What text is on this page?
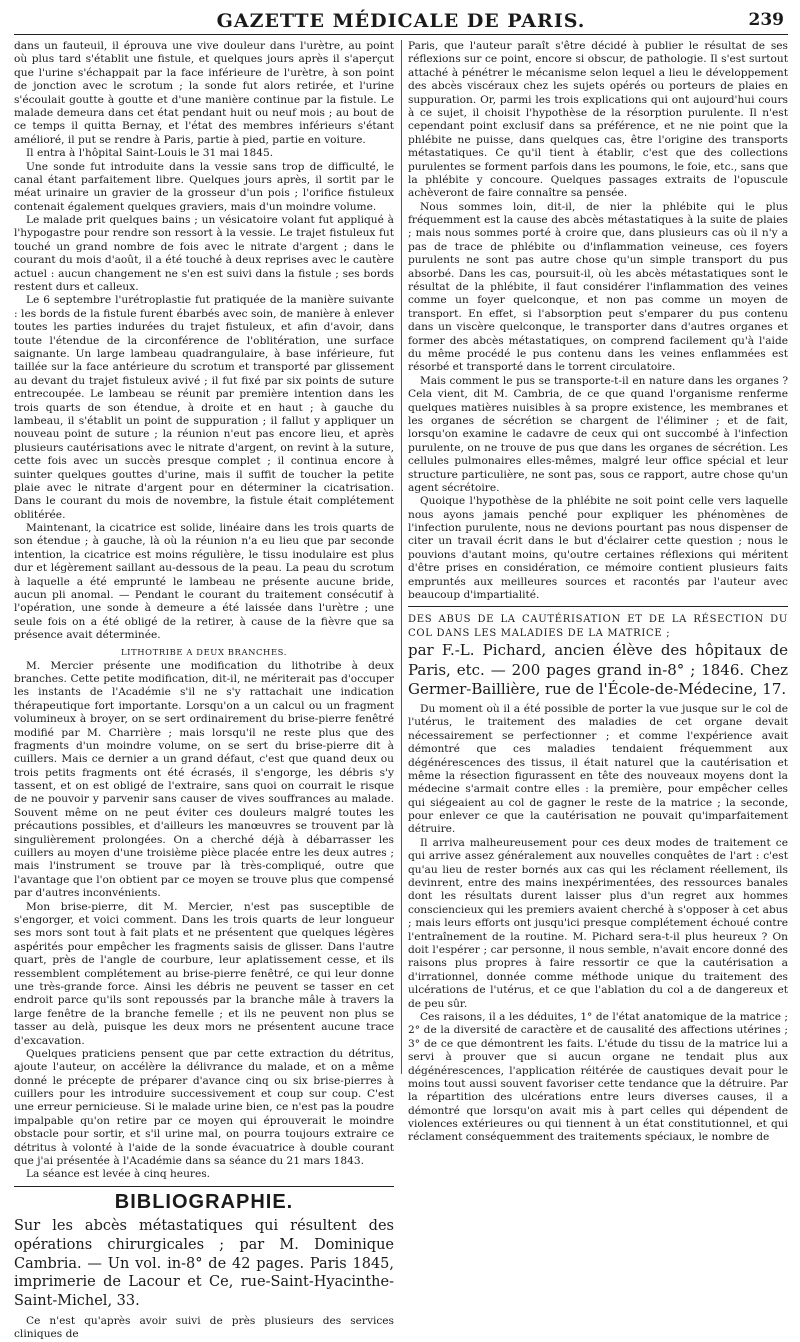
GAZETTE MÉDICALE DE PARIS.	239

dans un fauteuil, il éprouva une vive douleur dans l'urètre, au point où plus tard s'établit une fistule, et quelques jours après il s'aperçut que l'urine s'échappait par la face inférieure de l'urètre, à son point de jonction avec le scrotum ; la sonde fut alors retirée, et l'urine s'écoulait goutte à goutte et d'une manière continue par la fistule. Le malade demeura dans cet état pendant huit ou neuf mois ; au bout de ce temps il quitta Bernay, et l'état des membres inférieurs s'étant amélioré, il put se rendre à Paris, partie à pied, partie en voiture.

Il entra à l'hôpital Saint-Louis le 31 mai 1845.

Une sonde fut introduite dans la vessie sans trop de difficulté, le canal étant parfaitement libre. Quelques jours après, il sortit par le méat urinaire un gravier de la grosseur d'un pois ; l'orifice fistuleux contenait également quelques graviers, mais d'un moindre volume.

Le malade prit quelques bains ; un vésicatoire volant fut appliqué à l'hypogastre pour rendre son ressort à la vessie. Le trajet fistuleux fut touché un grand nombre de fois avec le nitrate d'argent ; dans le courant du mois d'août, il a été touché à deux reprises avec le cautère actuel : aucun changement ne s'en est suivi dans la fistule ; ses bords restent durs et calleux.

Le 6 septembre l'urétroplastie fut pratiquée de la manière suivante : les bords de la fistule furent ébarbés avec soin, de manière à enlever toutes les parties indurées du trajet fistuleux, et afin d'avoir, dans toute l'étendue de la circonférence de l'oblitération, une surface saignante. Un large lambeau quadrangulaire, à base inférieure, fut taillée sur la face antérieure du scrotum et transporté par glissement au devant du trajet fistuleux avivé ; il fut fixé par six points de suture entrecoupée. Le lambeau se réunit par première intention dans les trois quarts de son étendue, à droite et en haut ; à gauche du lambeau, il s'établit un point de suppuration ; il fallut y appliquer un nouveau point de suture ; la réunion n'eut pas encore lieu, et après plusieurs cautérisations avec le nitrate d'argent, on revint à la suture, cette fois avec un succès presque complet ; il continua encore à suinter quelques gouttes d'urine, mais il suffit de toucher la petite plaie avec le nitrate d'argent pour en déterminer la cicatrisation. Dans le courant du mois de novembre, la fistule était complétement oblitérée.

Maintenant, la cicatrice est solide, linéaire dans les trois quarts de son étendue ; à gauche, là où la réunion n'a eu lieu que par seconde intention, la cicatrice est moins régulière, le tissu inodulaire est plus dur et légèrement saillant au-dessous de la peau. La peau du scrotum à laquelle a été emprunté le lambeau ne présente aucune bride, aucun pli anomal. — Pendant le courant du traitement consécutif à l'opération, une sonde à demeure a été laissée dans l'urètre ; une seule fois on a été obligé de la retirer, à cause de la fièvre que sa présence avait déterminée.

LITHOTRIBE A DEUX BRANCHES.

M. Mercier présente une modification du lithotribe à deux branches. Cette petite modification, dit-il, ne mériterait pas d'occuper les instants de l'Académie s'il ne s'y rattachait une indication thérapeutique fort importante. Lorsqu'on a un calcul ou un fragment volumineux à broyer, on se sert ordinairement du brise-pierre fenêtré modifié par M. Charrière ; mais lorsqu'il ne reste plus que des fragments d'un moindre volume, on se sert du brise-pierre dit à cuillers. Mais ce dernier a un grand défaut, c'est que quand deux ou trois petits fragments ont été écrasés, il s'engorge, les débris s'y tassent, et on est obligé de l'extraire, sans quoi on courrait le risque de ne pouvoir y parvenir sans causer de vives souffrances au malade. Souvent même on ne peut éviter ces douleurs malgré toutes les précautions possibles, et d'ailleurs les manœuvres se trouvent par là singulièrement prolongées. On a cherché déjà à débarrasser les cuillers au moyen d'une troisième pièce placée entre les deux autres ; mais l'instrument se trouve par là très-compliqué, outre que l'avantage que l'on obtient par ce moyen se trouve plus que compensé par d'autres inconvénients.

Mon brise-pierre, dit M. Mercier, n'est pas susceptible de s'engorger, et voici comment. Dans les trois quarts de leur longueur ses mors sont tout à fait plats et ne présentent que quelques légères aspérités pour empêcher les fragments saisis de glisser. Dans l'autre quart, près de l'angle de courbure, leur aplatissement cesse, et ils ressemblent complétement au brise-pierre fenêtré, ce qui leur donne une très-grande force. Ainsi les débris ne peuvent se tasser en cet endroit parce qu'ils sont repoussés par la branche mâle à travers la large fenêtre de la branche femelle ; et ils ne peuvent non plus se tasser au delà, puisque les deux mors ne présentent aucune trace d'excavation.

Quelques praticiens pensent que par cette extraction du détritus, ajoute l'auteur, on accélère la délivrance du malade, et on a même donné le précepte de préparer d'avance cinq ou six brise-pierres à cuillers pour les introduire successivement et coup sur coup. C'est une erreur pernicieuse. Si le malade urine bien, ce n'est pas la poudre impalpable qu'on retire par ce moyen qui éprouverait le moindre obstacle pour sortir, et s'il urine mal, on pourra toujours extraire ce détritus à volonté à l'aide de la sonde évacuatrice à double courant que j'ai présentée à l'Académie dans sa séance du 21 mars 1843.

La séance est levée à cinq heures.

BIBLIOGRAPHIE.

Sur les abcès métastatiques qui résultent des opérations chirurgicales ; par M. Dominique Cambria. — Un vol. in-8° de 42 pages. Paris 1845, imprimerie de Lacour et Ce, rue-Saint-Hyacinthe-Saint-Michel, 33.

Ce n'est qu'après avoir suivi de près plusieurs des services cliniques de

Paris, que l'auteur paraît s'être décidé à publier le résultat de ses réflexions sur ce point, encore si obscur, de pathologie. Il s'est surtout attaché à pénétrer le mécanisme selon lequel a lieu le développement des abcès viscéraux chez les sujets opérés ou porteurs de plaies en suppuration. Or, parmi les trois explications qui ont aujourd'hui cours à ce sujet, il choisit l'hypothèse de la résorption purulente. Il n'est cependant point exclusif dans sa préférence, et ne nie point que la phlébite ne puisse, dans quelques cas, être l'origine des transports métastatiques. Ce qu'il tient à établir, c'est que des collections purulentes se forment parfois dans les poumons, le foie, etc., sans que la phlébite y concoure. Quelques passages extraits de l'opuscule achèveront de faire connaître sa pensée.

Nous sommes loin, dit-il, de nier la phlébite qui le plus fréquemment est la cause des abcès métastatiques à la suite de plaies ; mais nous sommes porté à croire que, dans plusieurs cas où il n'y a pas de trace de phlébite ou d'inflammation veineuse, ces foyers purulents ne sont pas autre chose qu'un simple transport du pus absorbé. Dans les cas, poursuit-il, où les abcès métastatiques sont le résultat de la phlébite, il faut considérer l'inflammation des veines comme un foyer quelconque, et non pas comme un moyen de transport. En effet, si l'absorption peut s'emparer du pus contenu dans un viscère quelconque, le transporter dans d'autres organes et former des abcès métastatiques, on comprend facilement qu'à l'aide du même procédé le pus contenu dans les veines enflammées est résorbé et transporté dans le torrent circulatoire.

Mais comment le pus se transporte-t-il en nature dans les organes ? Cela vient, dit M. Cambria, de ce que quand l'organisme renferme quelques matières nuisibles à sa propre existence, les membranes et les organes de sécrétion se chargent de l'éliminer ; et de fait, lorsqu'on examine le cadavre de ceux qui ont succombé à l'infection purulente, on ne trouve de pus que dans les organes de sécrétion. Les cellules pulmonaires elles-mêmes, malgré leur office spécial et leur structure particulière, ne sont pas, sous ce rapport, autre chose qu'un agent sécrétoire.

Quoique l'hypothèse de la phlébite ne soit point celle vers laquelle nous ayons jamais penché pour expliquer les phénomènes de l'infection purulente, nous ne devions pourtant pas nous dispenser de citer un travail écrit dans le but d'éclairer cette question ; nous le pouvions d'autant moins, qu'outre certaines réflexions qui méritent d'être prises en considération, ce mémoire contient plusieurs faits empruntés aux meilleures sources et racontés par l'auteur avec beaucoup d'impartialité.

DES ABUS DE LA CAUTÉRISATION ET DE LA RÉSECTION DU COL DANS LES MALADIES DE LA MATRICE ;

par F.-L. Pichard, ancien élève des hôpitaux de Paris, etc. — 200 pages grand in-8° ; 1846. Chez Germer-Baillière, rue de l'École-de-Médecine, 17.

Du moment où il a été possible de porter la vue jusque sur le col de l'utérus, le traitement des maladies de cet organe devait nécessairement se perfectionner ; et comme l'expérience avait démontré que ces maladies tendaient fréquemment aux dégénérescences des tissus, il était naturel que la cautérisation et même la résection figurassent en tête des nouveaux moyens dont la médecine s'armait contre elles : la première, pour empêcher celles qui siégeaient au col de gagner le reste de la matrice ; la seconde, pour enlever ce que la cautérisation ne pouvait qu'imparfaitement détruire.

Il arriva malheureusement pour ces deux modes de traitement ce qui arrive assez généralement aux nouvelles conquêtes de l'art : c'est qu'au lieu de rester bornés aux cas qui les réclament réellement, ils devinrent, entre des mains inexpérimentées, des ressources banales dont les résultats durent laisser plus d'un regret aux hommes consciencieux qui les premiers avaient cherché à s'opposer à cet abus ; mais leurs efforts ont jusqu'ici presque complétement échoué contre l'entraînement de la routine. M. Pichard sera-t-il plus heureux ? On doit l'espérer ; car personne, il nous semble, n'avait encore donné des raisons plus propres à faire ressortir ce que la cautérisation a d'irrationnel, donnée comme méthode unique du traitement des ulcérations de l'utérus, et ce que l'ablation du col a de dangereux et de peu sûr.

Ces raisons, il a les déduites, 1° de l'état anatomique de la matrice ; 2° de la diversité de caractère et de causalité des affections utérines ; 3° de ce que démontrent les faits. L'étude du tissu de la matrice lui a servi à prouver que si aucun organe ne tendait plus aux dégénérescences, l'application réitérée de caustiques devait pour le moins tout aussi souvent favoriser cette tendance que la détruire. Par la répartition des ulcérations entre leurs diverses causes, il a démontré que lorsqu'on avait mis à part celles qui dépendent de violences extérieures ou qui tiennent à un état constitutionnel, et qui réclament conséquemment des traitements spéciaux, le nombre de
